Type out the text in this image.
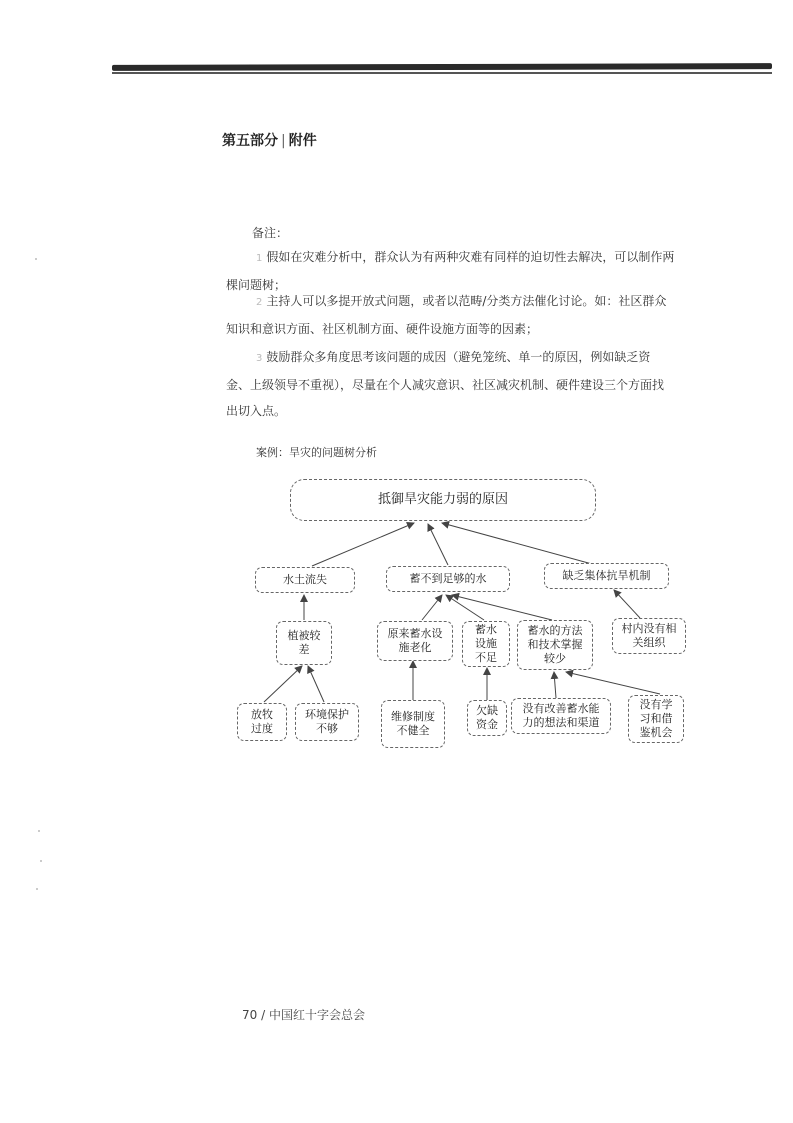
第五部分 | 附件
备注：
1 假如在灾难分析中，群众认为有两种灾难有同样的迫切性去解决，可以制作两
棵问题树；
2 主持人可以多提开放式问题，或者以范畴/分类方法催化讨论。如：社区群众
知识和意识方面、社区机制方面、硬件设施方面等的因素；
3 鼓励群众多角度思考该问题的成因（避免笼统、单一的原因，例如缺乏资
金、上级领导不重视），尽量在个人减灾意识、社区减灾机制、硬件建设三个方面找
出切入点。
案例：旱灾的问题树分析
抵御旱灾能力弱的原因
水土流失	蓄不到足够的水	缺乏集体抗旱机制
植被较差
原来蓄水设施老化
蓄水设施不足
蓄水的方法和技术掌握较少
村内没有相关组织
放牧过度
环境保护不够
维修制度不健全
欠缺资金
没有改善蓄水能力的想法和渠道
没有学习和借鉴机会
70 / 中国红十字会总会
